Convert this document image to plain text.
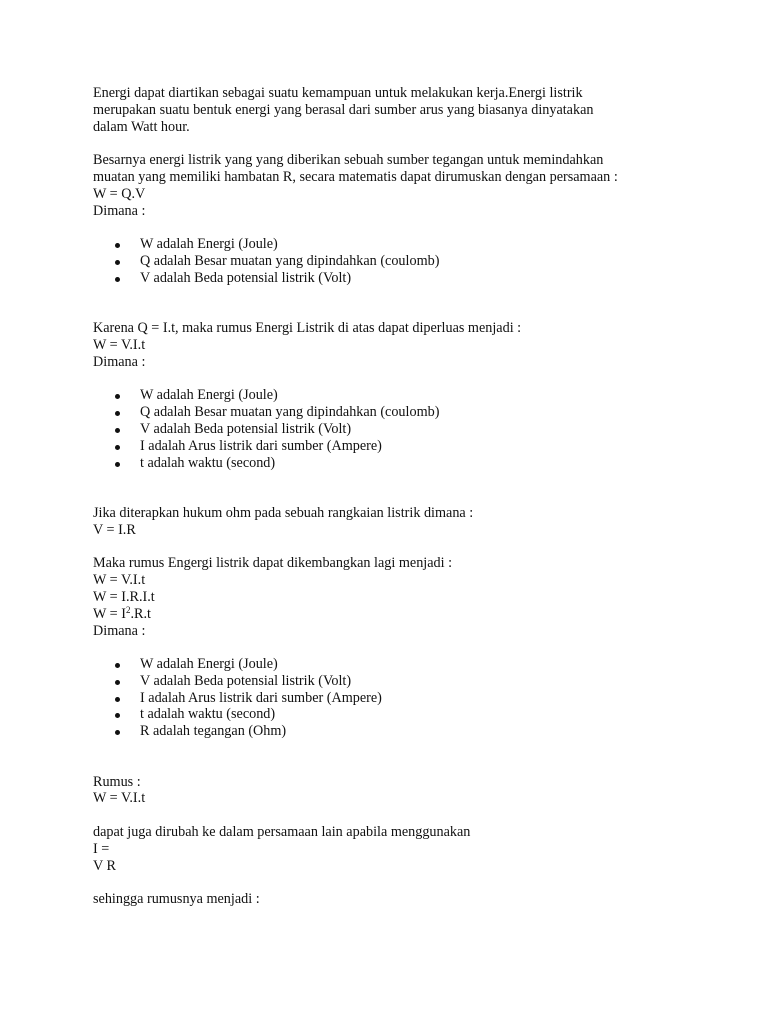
Energi dapat diartikan sebagai suatu kemampuan untuk melakukan kerja.Energi listrik

merupakan suatu bentuk energi yang berasal dari sumber arus yang biasanya dinyatakan

dalam Watt hour.

Besarnya energi listrik yang yang diberikan sebuah sumber tegangan untuk memindahkan

muatan yang memiliki hambatan R, secara matematis dapat dirumuskan dengan persamaan :

W = Q.V

Dimana :

W adalah Energi (Joule)
Q adalah Besar muatan yang dipindahkan (coulomb)
V adalah Beda potensial listrik (Volt)

Karena Q = I.t, maka rumus Energi Listrik di atas dapat diperluas menjadi :

W = V.I.t

Dimana :

W adalah Energi (Joule)
Q adalah Besar muatan yang dipindahkan (coulomb)
V adalah Beda potensial listrik (Volt)
I adalah Arus listrik dari sumber (Ampere)
t adalah waktu (second)

Jika diterapkan hukum ohm pada sebuah rangkaian listrik dimana :

V = I.R

Maka rumus Engergi listrik dapat dikembangkan lagi menjadi :

W = V.I.t

W = I.R.I.t

$W = I^2.R.t$

Dimana :

W adalah Energi (Joule)
V adalah Beda potensial listrik (Volt)
I adalah Arus listrik dari sumber (Ampere)
t adalah waktu (second)
R adalah tegangan (Ohm)

Rumus :

W = V.I.t

dapat juga dirubah ke dalam persamaan lain apabila menggunakan

I =

V R

sehingga rumusnya menjadi :
